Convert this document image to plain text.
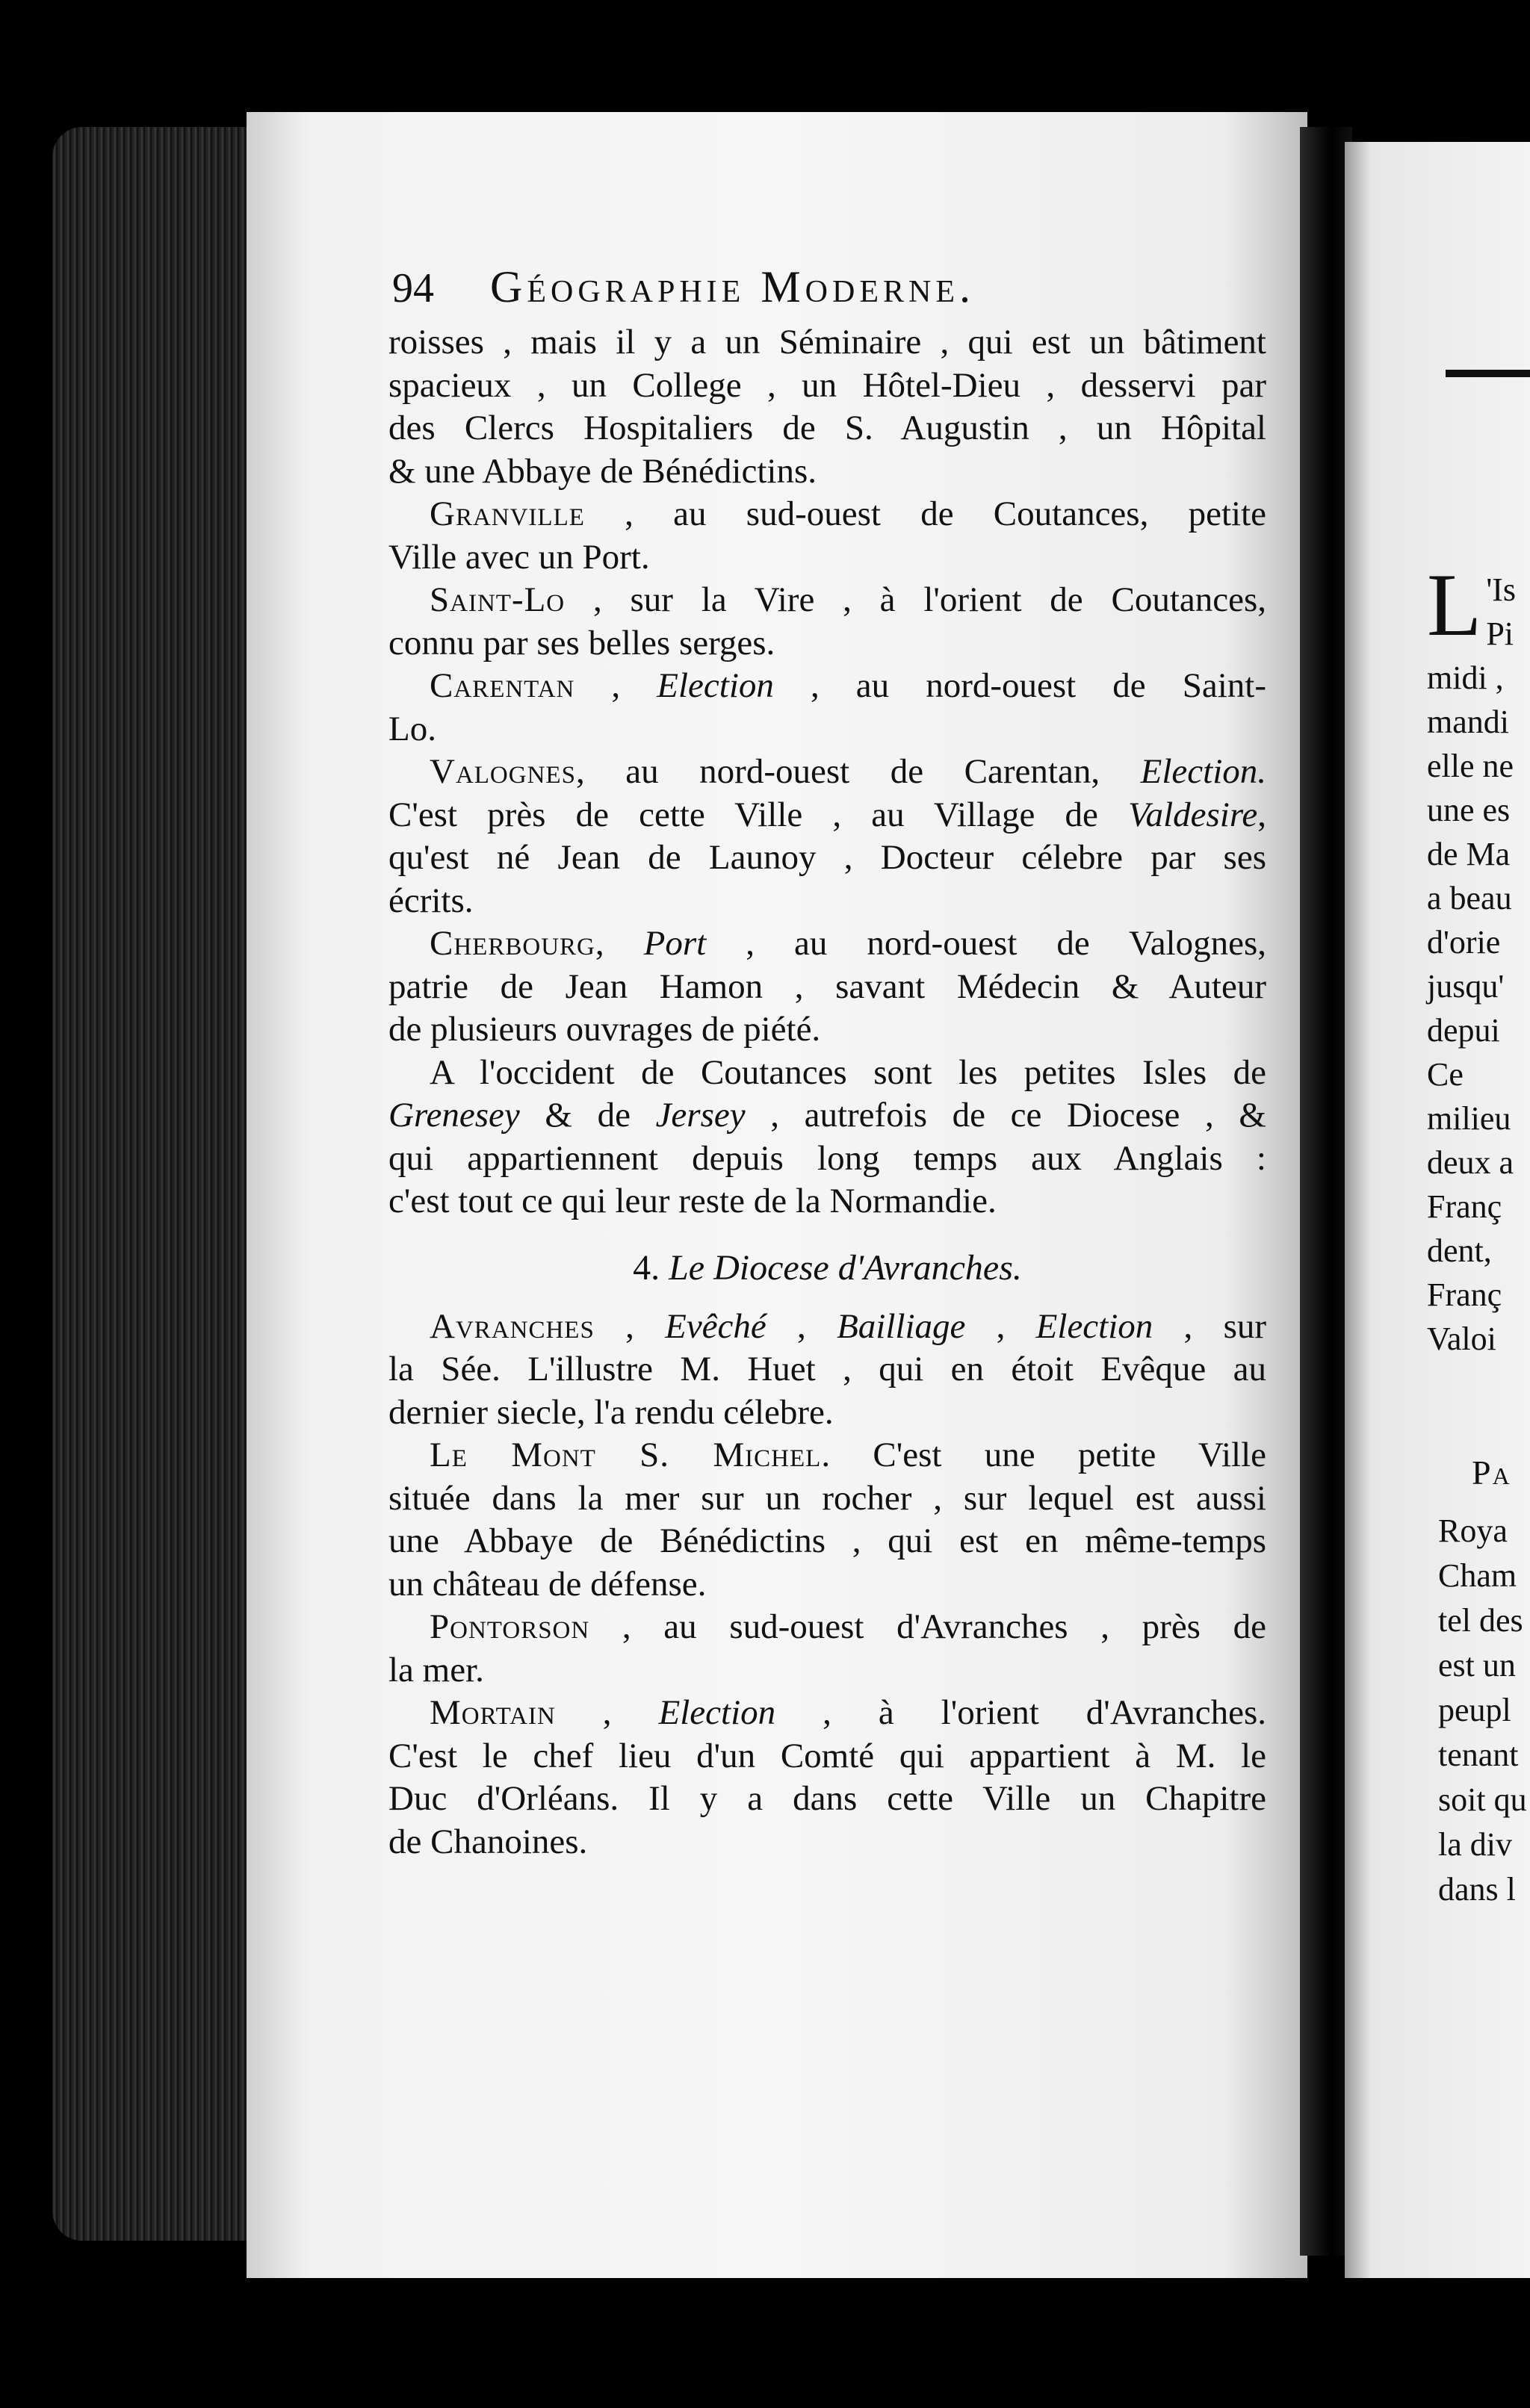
94 Géographie Moderne.
roisses , mais il y a un Séminaire , qui est un bâtiment
spacieux , un College , un Hôtel-Dieu , desservi par
des Clercs Hospitaliers de S. Augustin , un Hôpital
& une Abbaye de Bénédictins.
Granville , au sud-ouest de Coutances, petite
Ville avec un Port.
Saint-Lo , sur la Vire , à l'orient de Coutances,
connu par ses belles serges.
Carentan , Election , au nord-ouest de Saint-
Lo.
Valognes, au nord-ouest de Carentan, Election.
C'est près de cette Ville , au Village de Valdesire,
qu'est né Jean de Launoy , Docteur célebre par ses
écrits.
Cherbourg, Port , au nord-ouest de Valognes,
patrie de Jean Hamon , savant Médecin & Auteur
de plusieurs ouvrages de piété.
A l'occident de Coutances sont les petites Isles de
Grenesey & de Jersey , autrefois de ce Diocese , &
qui appartiennent depuis long temps aux Anglais :
c'est tout ce qui leur reste de la Normandie.
4. Le Diocese d'Avranches.
Avranches , Evêché , Bailliage , Election , sur
la Sée. L'illustre M. Huet , qui en étoit Evêque au
dernier siecle, l'a rendu célebre.
Le Mont S. Michel. C'est une petite Ville
située dans la mer sur un rocher , sur lequel est aussi
une Abbaye de Bénédictins , qui est en même-temps
un château de défense.
Pontorson , au sud-ouest d'Avranches , près de
la mer.
Mortain , Election , à l'orient d'Avranches.
C'est le chef lieu d'un Comté qui appartient à M. le
Duc d'Orléans. Il y a dans cette Ville un Chapitre
de Chanoines.
L 'Is
Pi
midi ,
mandi
elle ne
une es
de Ma
a beau
d'orie
jusqu'
depui
Ce
milieu
deux a
Franç
dent,
Franç
Valoi
Pa
Roya
Cham
tel des
est un
peupl
tenant
soit qu
la div
dans l
